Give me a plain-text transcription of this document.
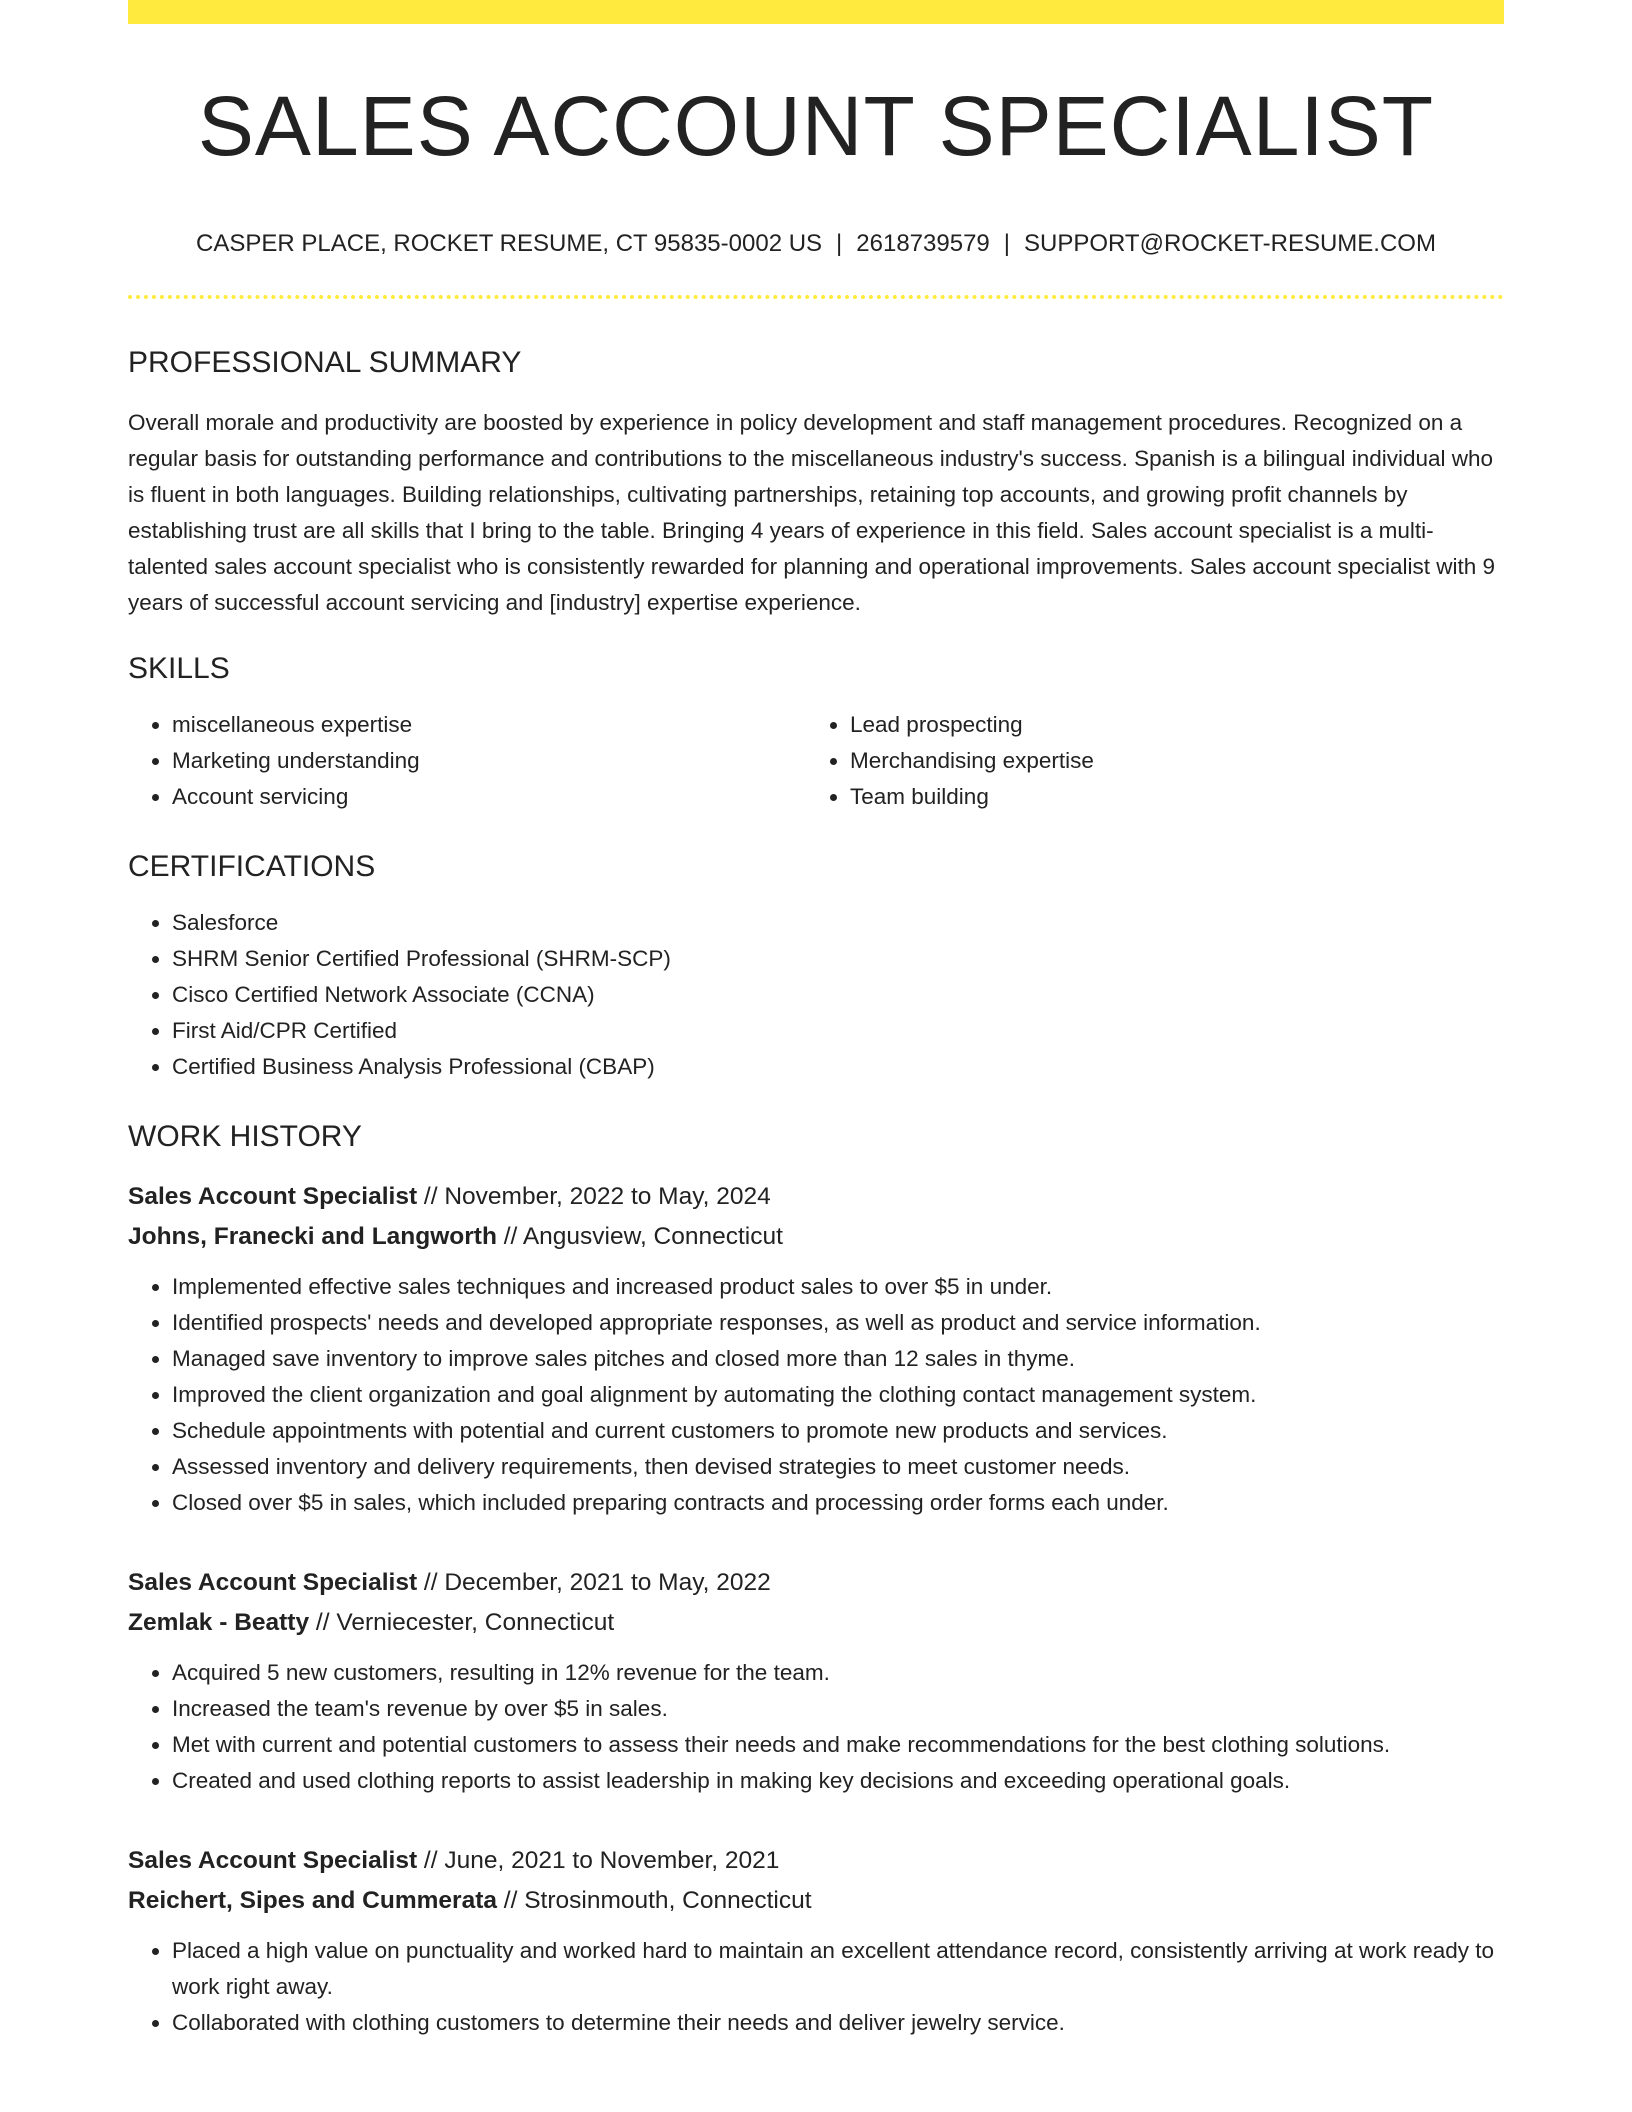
SALES ACCOUNT SPECIALIST
CASPER PLACE, ROCKET RESUME, CT 95835-0002 US | 2618739579 | SUPPORT@ROCKET-RESUME.COM
PROFESSIONAL SUMMARY

Overall morale and productivity are boosted by experience in policy development and staff management procedures. Recognized on a regular basis for outstanding performance and contributions to the miscellaneous industry's success. Spanish is a bilingual individual who is fluent in both languages. Building relationships, cultivating partnerships, retaining top accounts, and growing profit channels by establishing trust are all skills that I bring to the table. Bringing 4 years of experience in this field. Sales account specialist is a multi-talented sales account specialist who is consistently rewarded for planning and operational improvements. Sales account specialist with 9 years of successful account servicing and [industry] expertise experience.

SKILLS
• miscellaneous expertise
• Marketing understanding
• Account servicing
• Lead prospecting
• Merchandising expertise
• Team building
CERTIFICATIONS
• Salesforce
• SHRM Senior Certified Professional (SHRM-SCP)
• Cisco Certified Network Associate (CCNA)
• First Aid/CPR Certified
• Certified Business Analysis Professional (CBAP)
WORK HISTORY
Sales Account Specialist // November, 2022 to May, 2024
Johns, Franecki and Langworth // Angusview, Connecticut
• Implemented effective sales techniques and increased product sales to over $5 in under.
• Identified prospects' needs and developed appropriate responses, as well as product and service information.
• Managed save inventory to improve sales pitches and closed more than 12 sales in thyme.
• Improved the client organization and goal alignment by automating the clothing contact management system.
• Schedule appointments with potential and current customers to promote new products and services.
• Assessed inventory and delivery requirements, then devised strategies to meet customer needs.
• Closed over $5 in sales, which included preparing contracts and processing order forms each under.
Sales Account Specialist // December, 2021 to May, 2022
Zemlak - Beatty // Verniecester, Connecticut
• Acquired 5 new customers, resulting in 12% revenue for the team.
• Increased the team's revenue by over $5 in sales.
• Met with current and potential customers to assess their needs and make recommendations for the best clothing solutions.
• Created and used clothing reports to assist leadership in making key decisions and exceeding operational goals.
Sales Account Specialist // June, 2021 to November, 2021
Reichert, Sipes and Cummerata // Strosinmouth, Connecticut
• Placed a high value on punctuality and worked hard to maintain an excellent attendance record, consistently arriving at work ready to work right away.
• Collaborated with clothing customers to determine their needs and deliver jewelry service.
